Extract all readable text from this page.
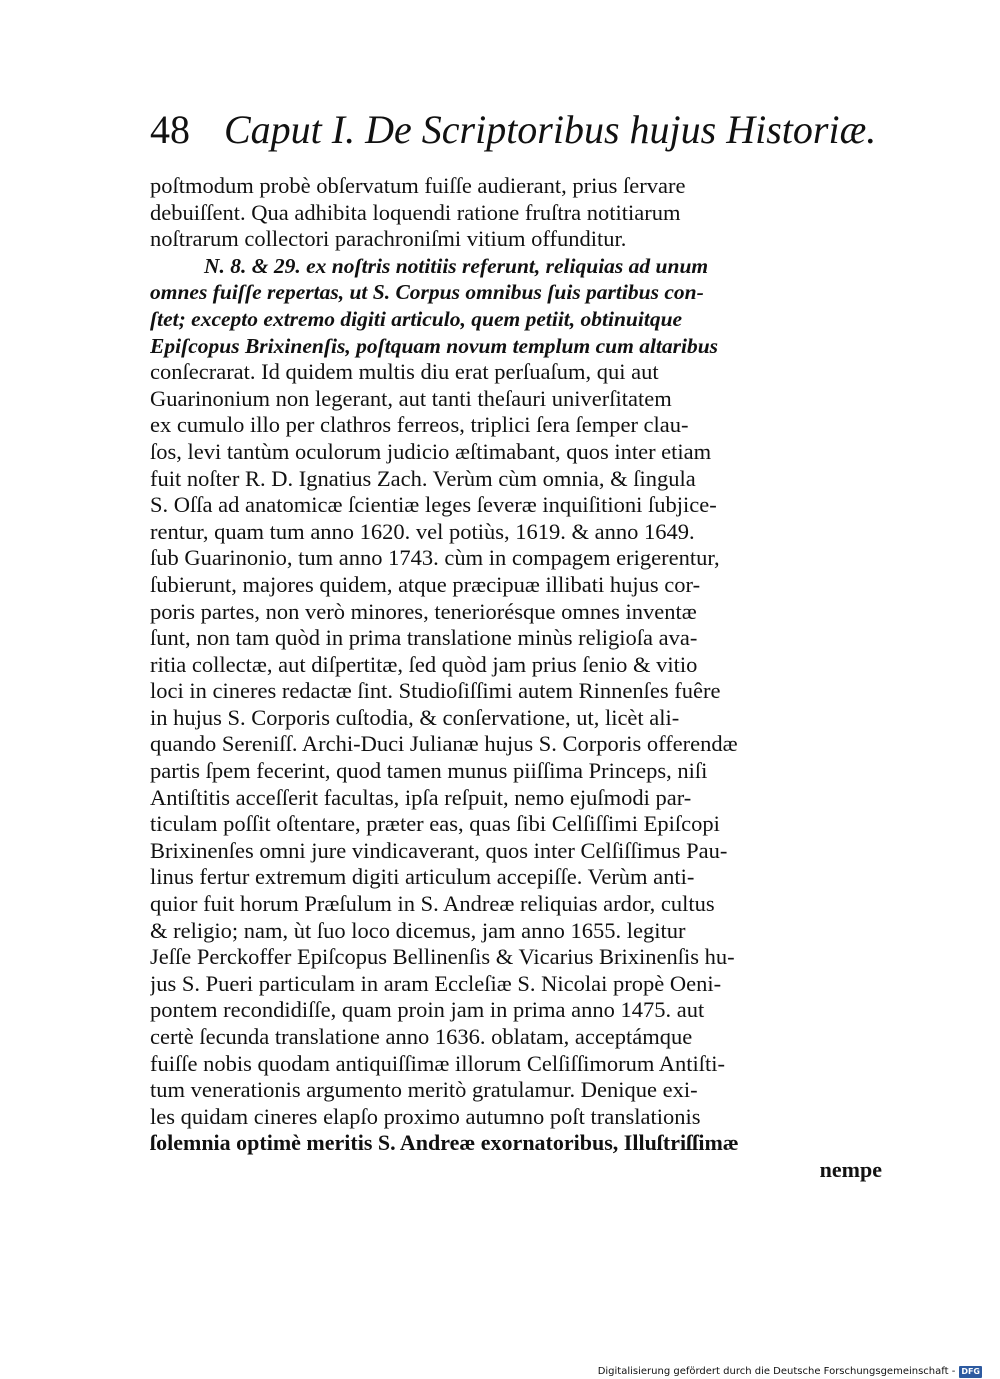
48 Caput I. De Scriptoribus hujus Historiæ.
poſtmodum probè obſervatum fuiſſe audierant, prius ſervare
debuiſſent. Qua adhibita loquendi ratione fruſtra notitiarum
noſtrarum collectori parachroniſmi vitium offunditur.
N. 8. & 29. ex noſtris notitiis referunt, reliquias ad unum
omnes fuiſſe repertas, ut S. Corpus omnibus ſuis partibus con-
ſtet; excepto extremo digiti articulo, quem petiit, obtinuitque
Epiſcopus Brixinenſis, poſtquam novum templum cum altaribus
conſecrarat. Id quidem multis diu erat perſuaſum, qui aut
Guarinonium non legerant, aut tanti theſauri univerſitatem
ex cumulo illo per clathros ferreos, triplici ſera ſemper clau-
ſos, levi tantùm oculorum judicio æſtimabant, quos inter etiam
fuit noſter R. D. Ignatius Zach. Verùm cùm omnia, & ſingula
S. Oſſa ad anatomicæ ſcientiæ leges ſeveræ inquiſitioni ſubjice-
rentur, quam tum anno 1620. vel potiùs, 1619. & anno 1649.
ſub Guarinonio, tum anno 1743. cùm in compagem erigerentur,
ſubierunt, majores quidem, atque præcipuæ illibati hujus cor-
poris partes, non verò minores, teneriorésque omnes inventæ
ſunt, non tam quòd in prima translatione minùs religioſa ava-
ritia collectæ, aut diſpertitæ, ſed quòd jam prius ſenio & vitio
loci in cineres redactæ ſint. Studioſiſſimi autem Rinnenſes fuêre
in hujus S. Corporis cuſtodia, & conſervatione, ut, licèt ali-
quando Sereniſſ. Archi-Duci Julianæ hujus S. Corporis offerendæ
partis ſpem fecerint, quod tamen munus piiſſima Princeps, niſi
Antiſtitis acceſſerit facultas, ipſa reſpuit, nemo ejuſmodi par-
ticulam poſſit oſtentare, præter eas, quas ſibi Celſiſſimi Epiſcopi
Brixinenſes omni jure vindicaverant, quos inter Celſiſſimus Pau-
linus fertur extremum digiti articulum accepiſſe. Verùm anti-
quior fuit horum Præſulum in S. Andreæ reliquias ardor, cultus
& religio; nam, ùt ſuo loco dicemus, jam anno 1655. legitur
Jeſſe Perckoffer Epiſcopus Bellinenſis & Vicarius Brixinenſis hu-
jus S. Pueri particulam in aram Eccleſiæ S. Nicolai propè Oeni-
pontem recondidiſſe, quam proin jam in prima anno 1475. aut
certè ſecunda translatione anno 1636. oblatam, acceptámque
fuiſſe nobis quodam antiquiſſimæ illorum Celſiſſimorum Antiſti-
tum venerationis argumento meritò gratulamur. Denique exi-
les quidam cineres elapſo proximo autumno poſt translationis
ſolemnia optimè meritis S. Andreæ exornatoribus, Illuſtriſſimæ
nempe
Digitalisierung gefördert durch die Deutsche Forschungsgemeinschaft - DFG
